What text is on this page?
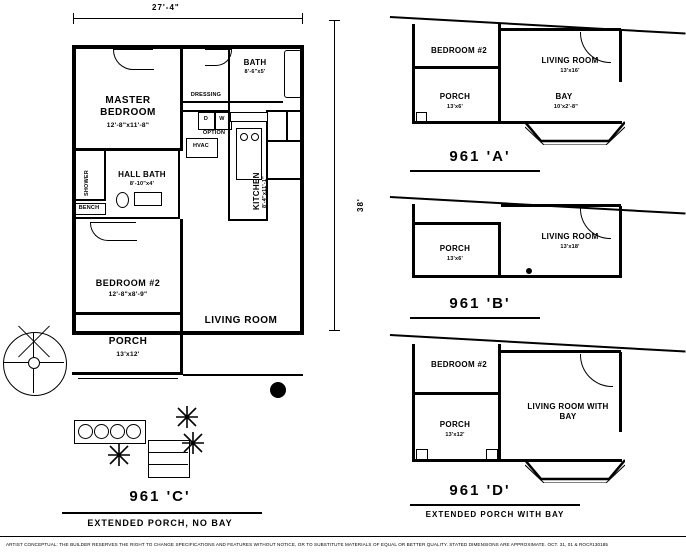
27'-4"
38'
MASTER BEDROOM
12'-8"x11'-8"
BATH
8'-6"x5'
DRESSING
D	W
OPTION
HVAC
KITCHEN 8'-4"x11'-1"
SHOWER
BENCH
HALL BATH
8'-10"x4'
BEDROOM #2
12'-8"x8'-9"
LIVING ROOM
PORCH
13'x12'
961 'C'
EXTENDED PORCH, NO BAY
BEDROOM #2
LIVING ROOM
13'x16'
PORCH
13'x6'
BAY
10'x2'-8"
961 'A'
PORCH
13'x6'
LIVING ROOM
13'x18'
961 'B'
BEDROOM #2
PORCH
13'x12'
LIVING ROOM WITH BAY
961 'D'
EXTENDED PORCH WITH BAY
ARTIST CONCEPTUAL: THE BUILDER RESERVES THE RIGHT TO CHANGE SPECIFICATIONS AND FEATURES WITHOUT NOTICE, OR TO SUBSTITUTE MATERIALS OF EQUAL OR BETTER QUALITY. STATED DIMENSIONS ARE APPROXIMATE. OCT. 31, 01 & ROC#130185
